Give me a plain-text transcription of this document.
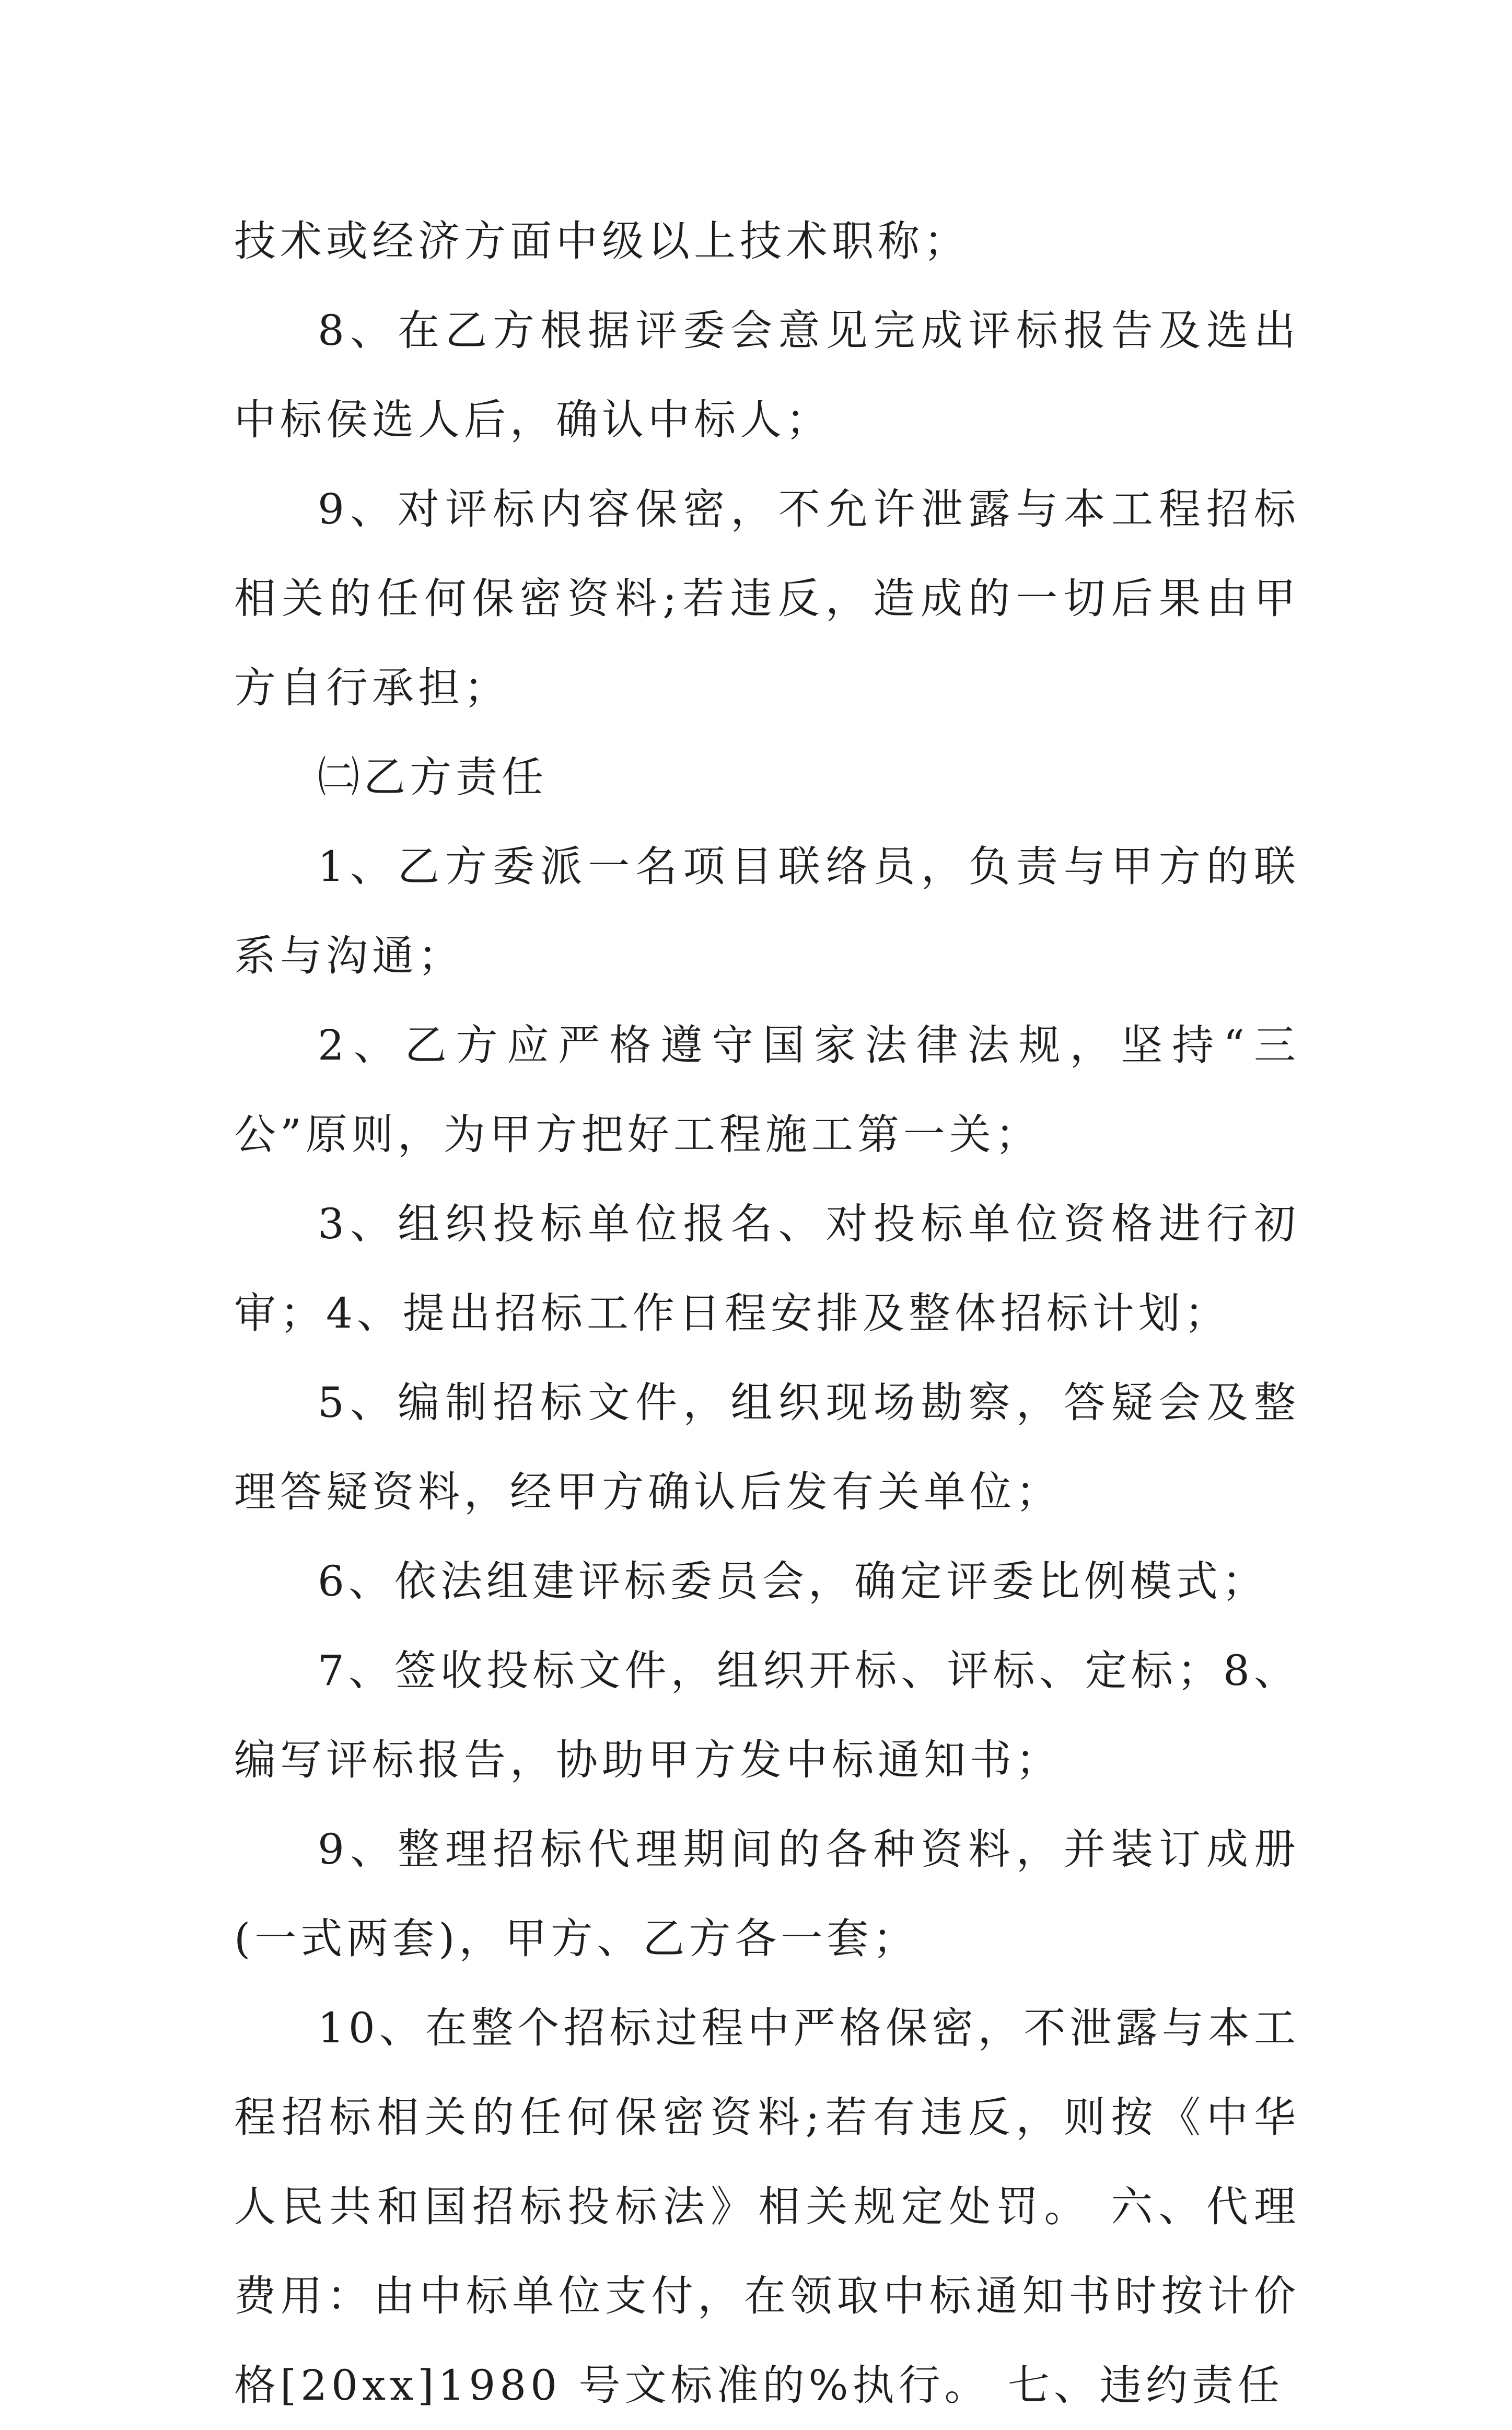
技术或经济方面中级以上技术职称；

8、在乙方根据评委会意见完成评标报告及选出中标侯选人后，确认中标人；

9、对评标内容保密，不允许泄露与本工程招标相关的任何保密资料;若违反，造成的一切后果由甲方自行承担；

㈡乙方责任

1、乙方委派一名项目联络员，负责与甲方的联系与沟通；

2、乙方应严格遵守国家法律法规，坚持“三公”原则，为甲方把好工程施工第一关；

3、组织投标单位报名、对投标单位资格进行初审；4、提出招标工作日程安排及整体招标计划；

5、编制招标文件，组织现场勘察，答疑会及整理答疑资料，经甲方确认后发有关单位；

6、依法组建评标委员会，确定评委比例模式；

7、签收投标文件，组织开标、评标、定标；8、编写评标报告，协助甲方发中标通知书；

9、整理招标代理期间的各种资料，并装订成册(一式两套)，甲方、乙方各一套；

10、在整个招标过程中严格保密，不泄露与本工程招标相关的任何保密资料;若有违反，则按《中华人民共和国招标投标法》相关规定处罚。 六、代理费用：由中标单位支付，在领取中标通知书时按计价格[20xx]1980 号文标准的%执行。 七、违约责任
